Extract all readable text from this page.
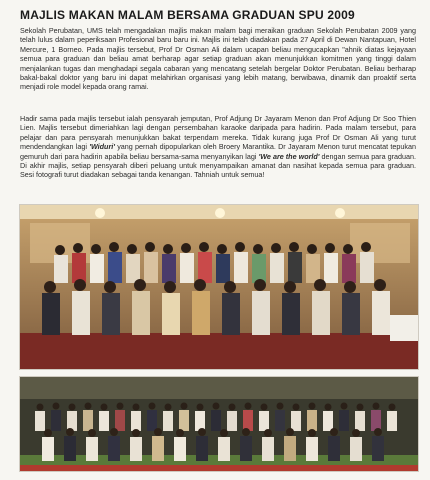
MAJLIS MAKAN MALAM BERSAMA GRADUAN SPU 2009
Sekolah Perubatan, UMS telah mengadakan majlis makan malam bagi meraikan graduan Sekolah Perubatan 2009 yang telah lulus dalam peperiksaan Profesional baru baru ini. Majlis ini telah diadakan pada 27 April di Dewan Nantapuan, Hotel Mercure, 1 Borneo. Pada majlis tersebut, Prof Dr Osman Ali dalam ucapan beliau mengucapkan "ahnik diatas kejayaan semua para graduan dan beliau amat berharap agar setiap graduan akan menunjukkan komitmen yang tinggi dalam menjalankan tugas dan menghadapi segala cabaran yang mencatang setelah bergelar Doktor Perubatan. Beliau berharap bakal-bakal doktor yang baru ini dapat melahirkan organisasi yang lebih matang, berwibawa, dinamik dan proaktif serta menjadi role model kepada orang ramai.
Hadir sama pada majlis tersebut ialah pensyarah jemputan, Prof Adjung Dr Jayaram Menon dan Prof Adjung Dr Soo Thien Lien. Majlis tersebut dimeriahkan lagi dengan persembahan karaoke daripada para hadirin. Pada malam tersebut, para pelajar dan para pensyarah menunjukkan bakat terpendam mereka. Tidak kurang juga Prof Dr Osman Ali yang turut mendendangkan lagi 'Widuri' yang pernah dipopularkan oleh Broery Marantika. Dr Jayaram Menon turut mencatat tepukan gemuruh dari para hadirin apabila beliau bersama-sama menyanyikan lagi 'We are the world' dengan semua para graduan. Di akhir majlis, setiap pensyarah diberi peluang untuk menyampaikan amanat dan nasihat kepada semua para graduan. Sesi fotografi turut diadakan sebagai tanda kenangan. Tahniah untuk semua!
